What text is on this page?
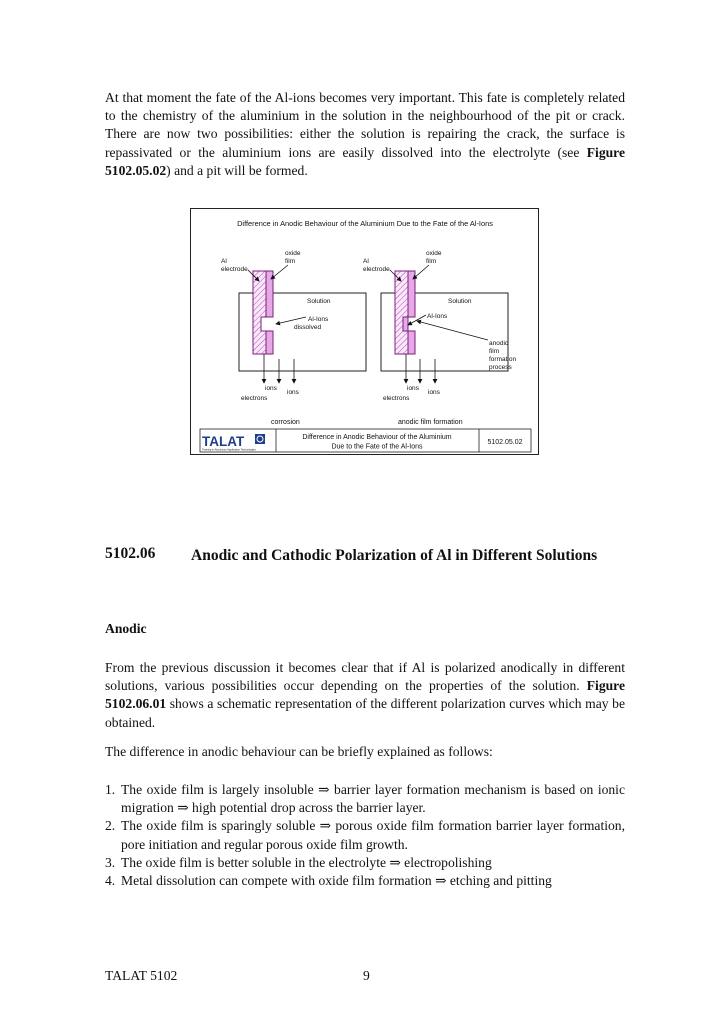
At that moment the fate of the Al-ions becomes very important. This fate is completely related to the chemistry of the aluminium in the solution in the neighbourhood of the pit or crack. There are now two possibilities: either the solution is repairing the crack, the surface is repassivated or the aluminium ions are easily dissolved into the electrolyte (see Figure 5102.05.02) and a pit will be formed.

Difference in Anodic Behaviour of the Aluminium Due to the Fate of the Al-Ions
Al
electrode
oxide
film
Solution
Al-Ions
dissolved
ions
ions
electrons
corrosion
Al
electrode
oxide
film
Solution
Al-Ions
anodic
film
formation
process
ions
ions
electrons
anodic film formation
TALAT
Training in Aluminium Application Technologies
Difference in Anodic Behaviour of the Aluminium
Due to the Fate of the Al-Ions
5102.05.02
5102.06 Anodic and Cathodic Polarization of Al in Different Solutions
Anodic

From the previous discussion it becomes clear that if Al is polarized anodically in different solutions, various possibilities occur depending on the properties of the solution. Figure 5102.06.01 shows a schematic representation of the different polarization curves which may be obtained.

The difference in anodic behaviour can be briefly explained as follows:

1. The oxide film is largely insoluble ⇒ barrier layer formation mechanism is based on ionic migration ⇒ high potential drop across the barrier layer.
2. The oxide film is sparingly soluble ⇒ porous oxide film formation barrier layer formation, pore initiation and regular porous oxide film growth.
3. The oxide film is better soluble in the electrolyte ⇒ electropolishing
4. Metal dissolution can compete with oxide film formation ⇒ etching and pitting
TALAT 5102	9
